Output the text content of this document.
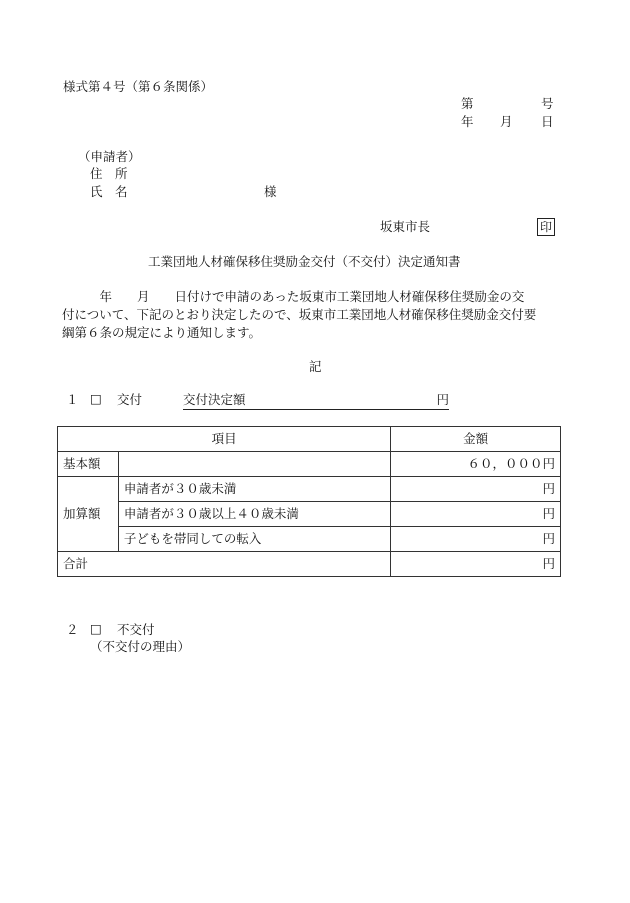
様式第４号（第６条関係）
第	号
年 月 日
（申請者）
住　所
氏　名	様
坂東市長	印
工業団地人材確保移住奨励金交付（不交付）決定通知書
　　　年　　月　　日付けで申請のあった坂東市工業団地人材確保移住奨励金の交
付について、下記のとおり決定したので、坂東市工業団地人材確保移住奨励金交付要
綱第６条の規定により通知します。
記
１ □ 交付	交付決定額	円
項目		金額
基本額		６０，０００円
加算額	申請者が３０歳未満	円
	申請者が３０歳以上４０歳未満	円
	子どもを帯同しての転入	円
合計		円
２ □ 不交付
（不交付の理由）
